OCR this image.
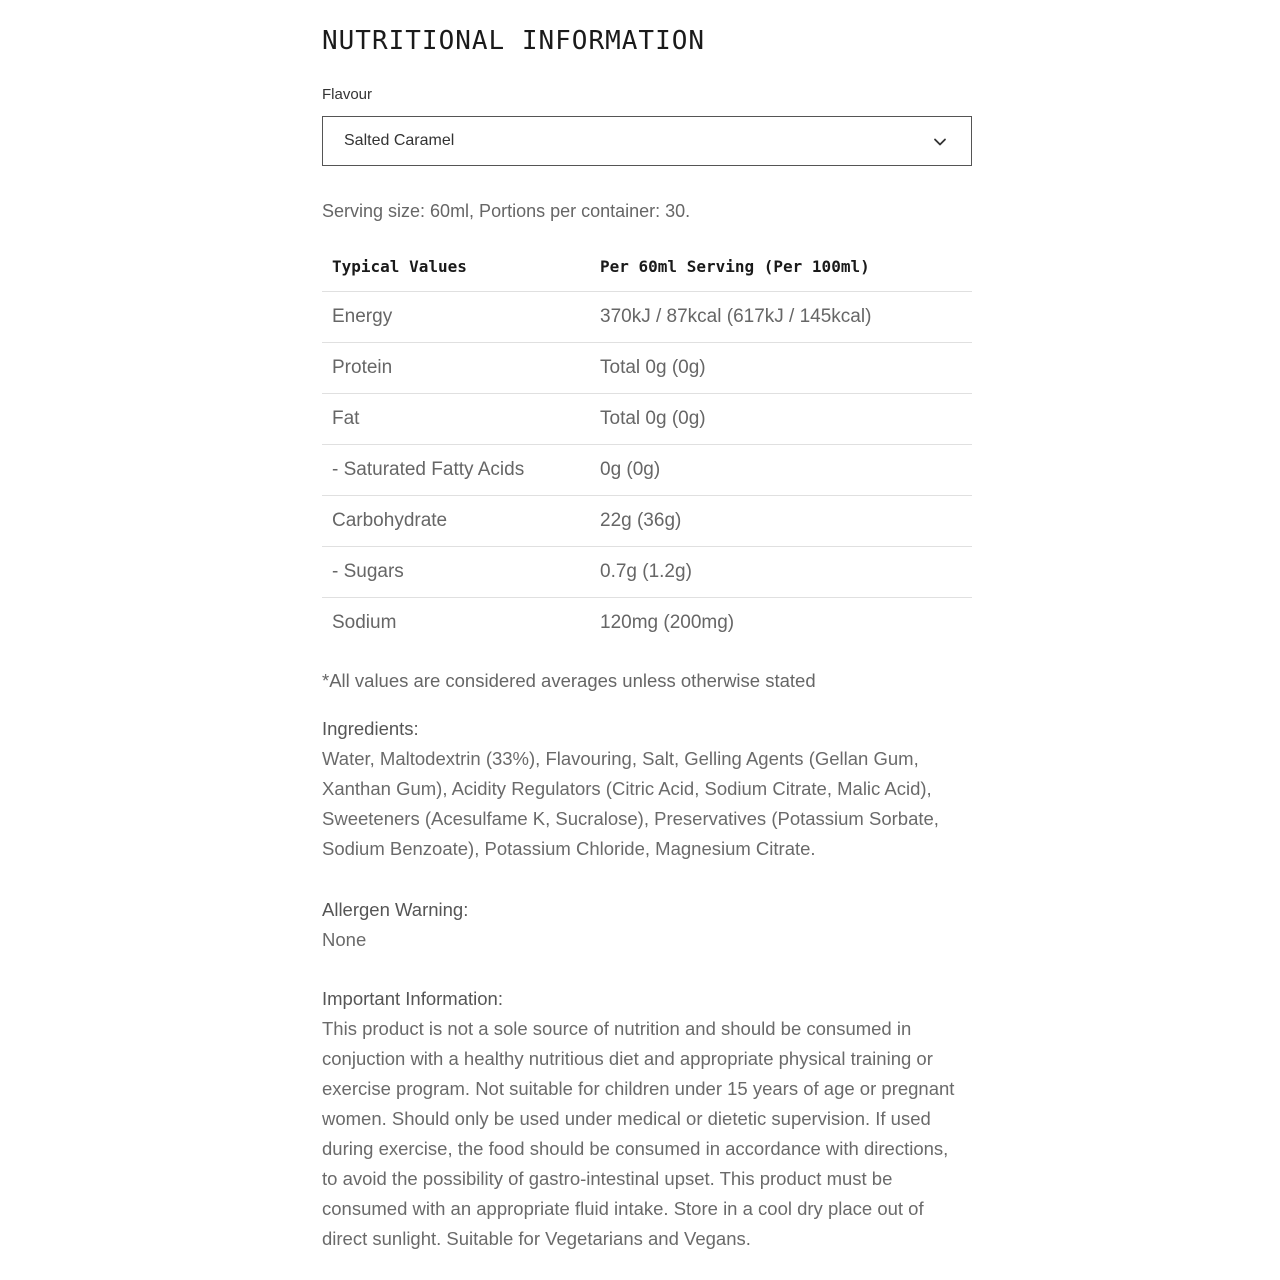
NUTRITIONAL INFORMATION
Flavour
Salted Caramel
Serving size: 60ml, Portions per container: 30.
Typical Values	Per 60ml Serving (Per 100ml)
Energy	370kJ / 87kcal (617kJ / 145kcal)
Protein	Total 0g (0g)
Fat	Total 0g (0g)
- Saturated Fatty Acids	0g (0g)
Carbohydrate	22g (36g)
- Sugars	0.7g (1.2g)
Sodium	120mg (200mg)
*All values are considered averages unless otherwise stated
Ingredients:
Water, Maltodextrin (33%), Flavouring, Salt, Gelling Agents (Gellan Gum,
Xanthan Gum), Acidity Regulators (Citric Acid, Sodium Citrate, Malic Acid),
Sweeteners (Acesulfame K, Sucralose), Preservatives (Potassium Sorbate,
Sodium Benzoate), Potassium Chloride, Magnesium Citrate.
Allergen Warning:
None
Important Information:
This product is not a sole source of nutrition and should be consumed in
conjuction with a healthy nutritious diet and appropriate physical training or
exercise program. Not suitable for children under 15 years of age or pregnant
women. Should only be used under medical or dietetic supervision. If used
during exercise, the food should be consumed in accordance with directions,
to avoid the possibility of gastro-intestinal upset. This product must be
consumed with an appropriate fluid intake. Store in a cool dry place out of
direct sunlight. Suitable for Vegetarians and Vegans.
